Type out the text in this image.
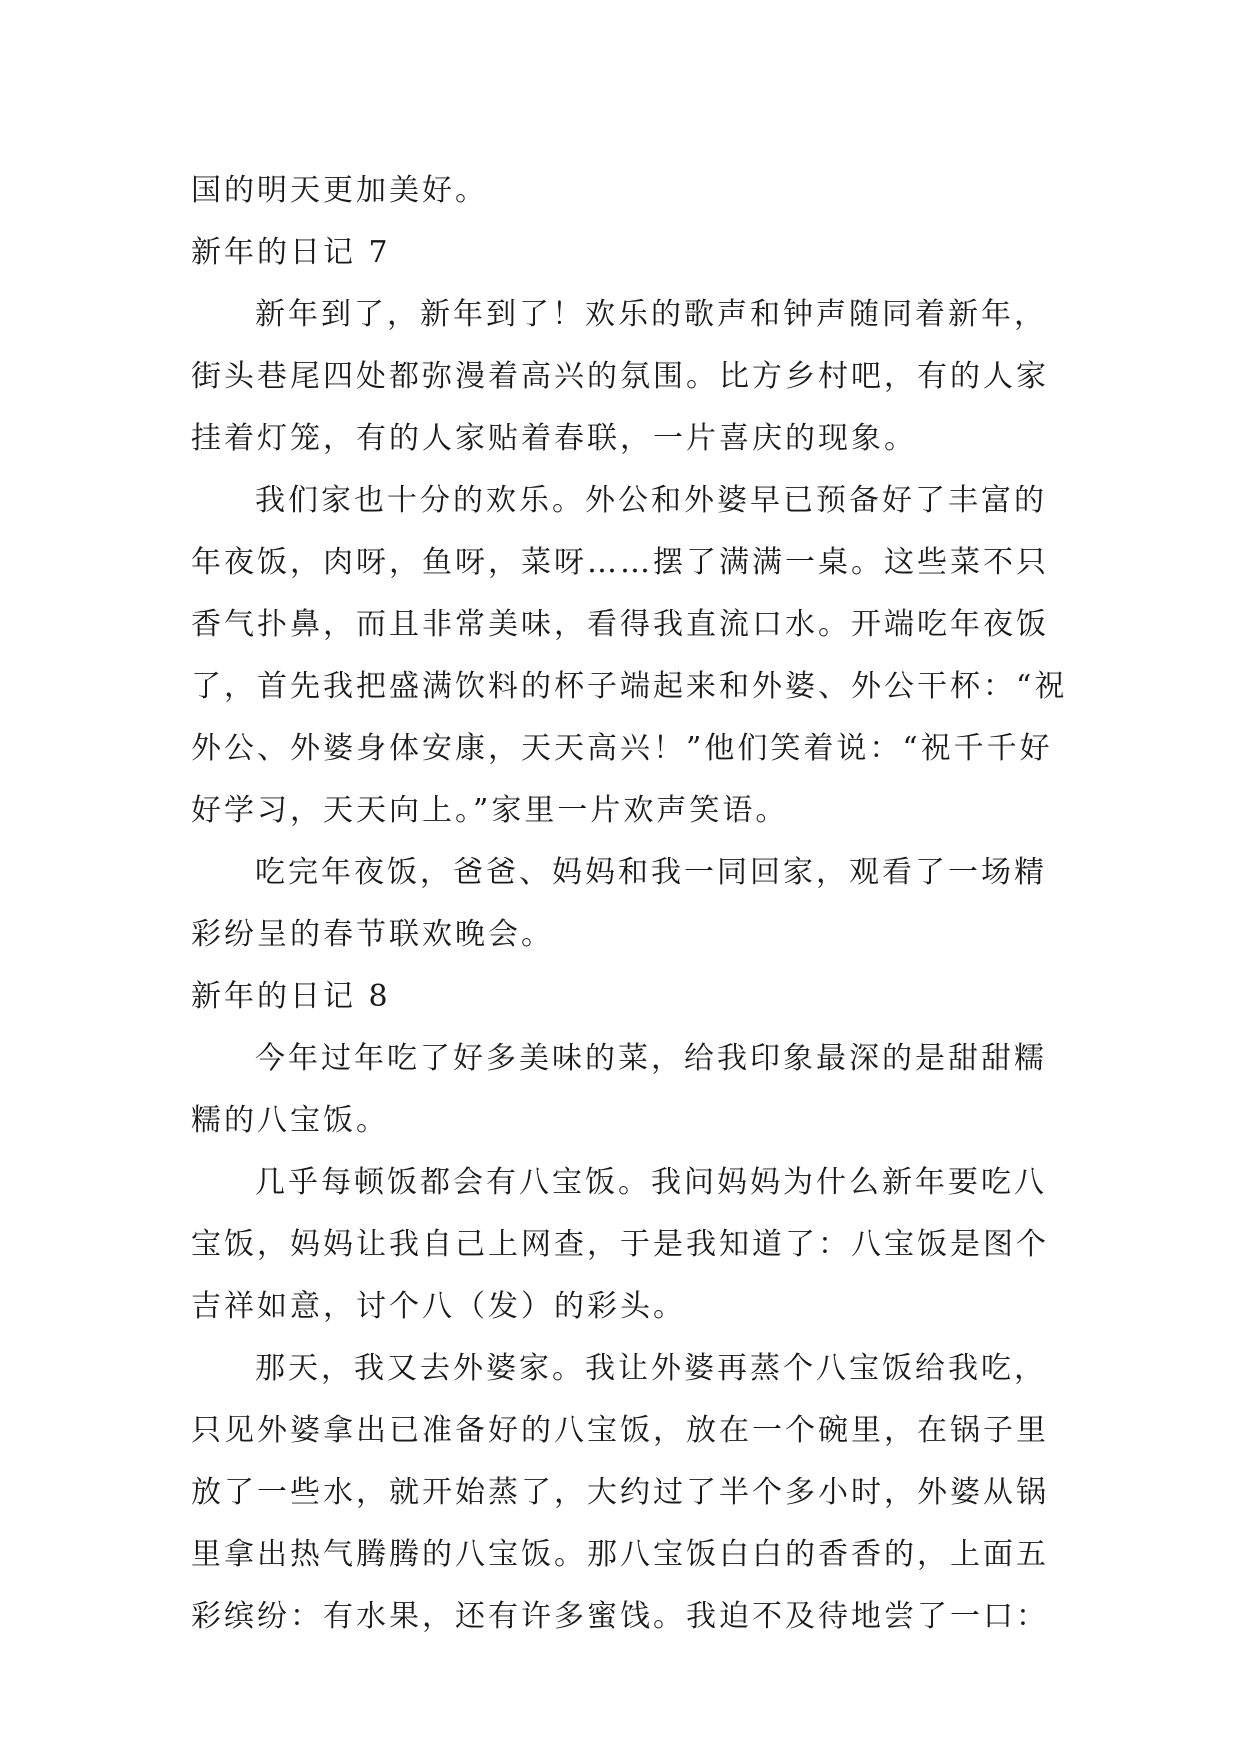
国的明天更加美好。
新年的日记 7
新年到了，新年到了！欢乐的歌声和钟声随同着新年，
街头巷尾四处都弥漫着高兴的氛围。比方乡村吧，有的人家
挂着灯笼，有的人家贴着春联，一片喜庆的现象。
我们家也十分的欢乐。外公和外婆早已预备好了丰富的
年夜饭，肉呀，鱼呀，菜呀……摆了满满一桌。这些菜不只
香气扑鼻，而且非常美味，看得我直流口水。开端吃年夜饭
了，首先我把盛满饮料的杯子端起来和外婆、外公干杯：“祝
外公、外婆身体安康，天天高兴！”他们笑着说：“祝千千好
好学习，天天向上。”家里一片欢声笑语。
吃完年夜饭，爸爸、妈妈和我一同回家，观看了一场精
彩纷呈的春节联欢晚会。
新年的日记 8
今年过年吃了好多美味的菜，给我印象最深的是甜甜糯
糯的八宝饭。
几乎每顿饭都会有八宝饭。我问妈妈为什么新年要吃八
宝饭，妈妈让我自己上网查，于是我知道了：八宝饭是图个
吉祥如意，讨个八（发）的彩头。
那天，我又去外婆家。我让外婆再蒸个八宝饭给我吃，
只见外婆拿出已准备好的八宝饭，放在一个碗里，在锅子里
放了一些水，就开始蒸了，大约过了半个多小时，外婆从锅
里拿出热气腾腾的八宝饭。那八宝饭白白的香香的，上面五
彩缤纷：有水果，还有许多蜜饯。我迫不及待地尝了一口：
